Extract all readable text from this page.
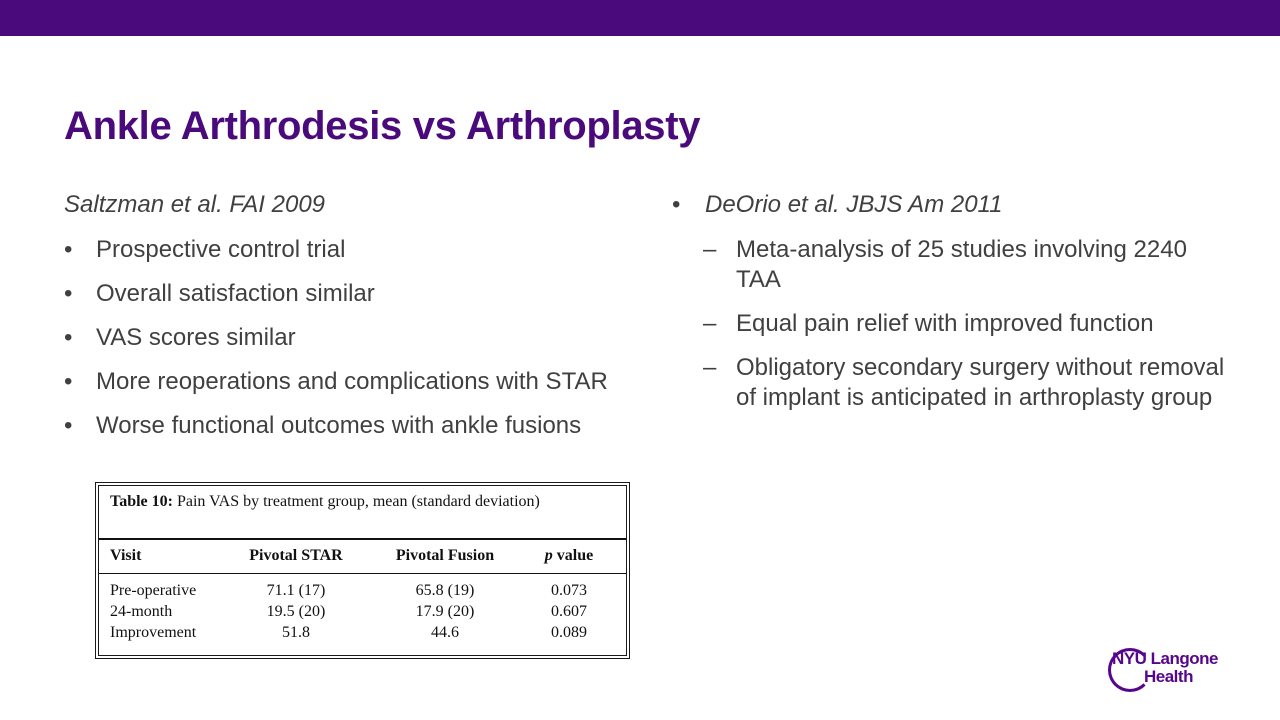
Ankle Arthrodesis vs Arthroplasty

Saltzman et al. FAI 2009

• Prospective control trial
• Overall satisfaction similar
• VAS scores similar
• More reoperations and complications with STAR
• Worse functional outcomes with ankle fusions

• DeOrio et al. JBJS Am 2011

– Meta-analysis of 25 studies involving 2240 TAA
– Equal pain relief with improved function
– Obligatory secondary surgery without removal of implant is anticipated in arthroplasty group
Table 10: Pain VAS by treatment group, mean (standard deviation)
Visit	Pivotal STAR	Pivotal Fusion	p value
Pre-operative	71.1 (17)	65.8 (19)	0.073
24-month	19.5 (20)	17.9 (20)	0.607
Improvement	51.8	44.6	0.089
NYU Langone
Health
